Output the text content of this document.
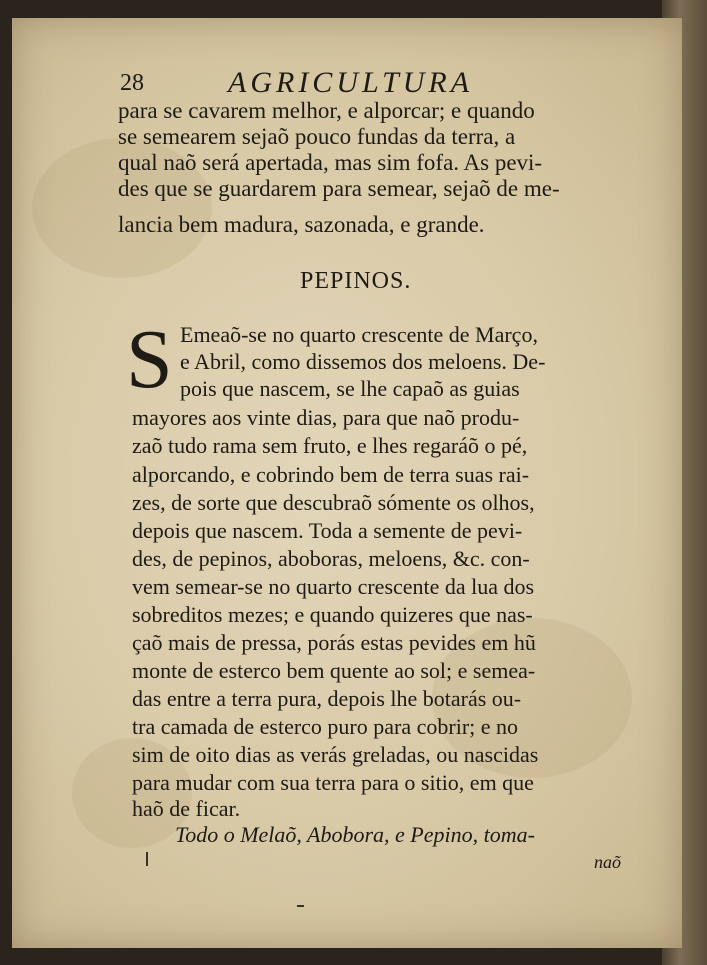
28	AGRICULTURA
para se cavarem melhor, e alporcar; e quando
se semearem sejaõ pouco fundas da terra, a
qual naõ será apertada, mas sim fofa. As pevi-
des que se guardarem para semear, sejaõ de me-
lancia bem madura, sazonada, e grande.
PEPINOS.
S Emeaõ-se no quarto crescente de Março,
e Abril, como dissemos dos meloens. De-
pois que nascem, se lhe capaõ as guias
mayores aos vinte dias, para que naõ produ-
zaõ tudo rama sem fruto, e lhes regaráõ o pé,
alporcando, e cobrindo bem de terra suas rai-
zes, de sorte que descubraõ sómente os olhos,
depois que nascem. Toda a semente de pevi-
des, de pepinos, aboboras, meloens, &c. con-
vem semear-se no quarto crescente da lua dos
sobreditos mezes; e quando quizeres que nas-
çaõ mais de pressa, porás estas pevides em hũ
monte de esterco bem quente ao sol; e semea-
das entre a terra pura, depois lhe botarás ou-
tra camada de esterco puro para cobrir; e no
sim de oito dias as verás greladas, ou nascidas
para mudar com sua terra para o sitio, em que
haõ de ficar.
Todo o Melaõ, Abobora, e Pepino, toma-
naõ
